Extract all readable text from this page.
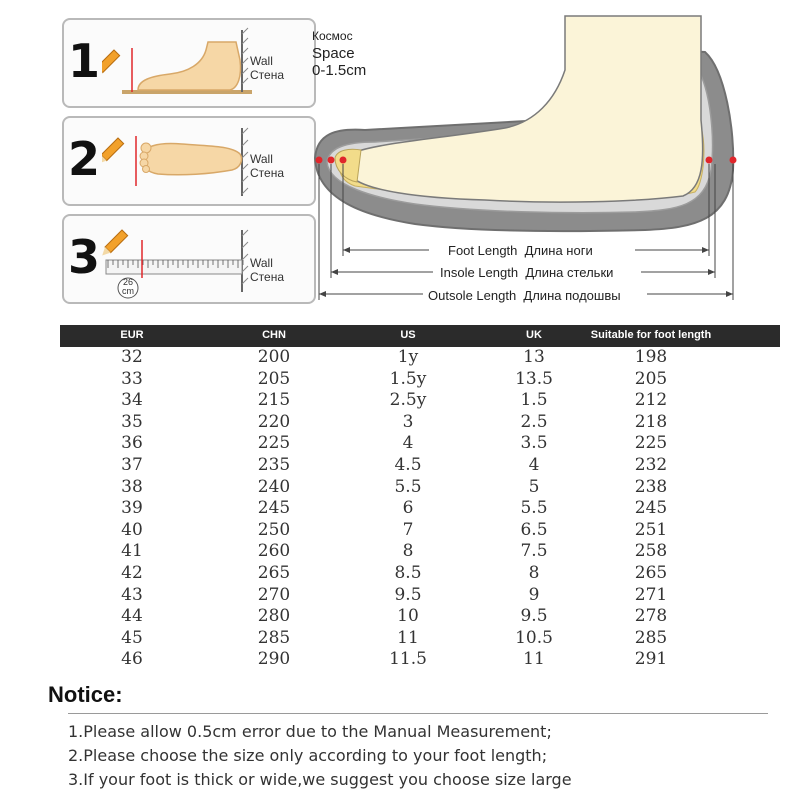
1	Wall
Стена
2	Wall
Стена
3	26
cm
Wall
Стена
Космос
Space
0-1.5cm
Foot Length Длина ноги
Insole Length Длина стельки
Outsole Length Длина подошвы
EUR	CHN	US	UK	Suitable for foot length
32	200	1y	13	198
33	205	1.5y	13.5	205
34	215	2.5y	1.5	212
35	220	3	2.5	218
36	225	4	3.5	225
37	235	4.5	4	232
38	240	5.5	5	238
39	245	6	5.5	245
40	250	7	6.5	251
41	260	8	7.5	258
42	265	8.5	8	265
43	270	9.5	9	271
44	280	10	9.5	278
45	285	11	10.5	285
46	290	11.5	11	291
Notice:
1.Please allow 0.5cm error due to the Manual Measurement;
2.Please choose the size only according to your foot length;
3.If your foot is thick or wide,we suggest you choose size large
